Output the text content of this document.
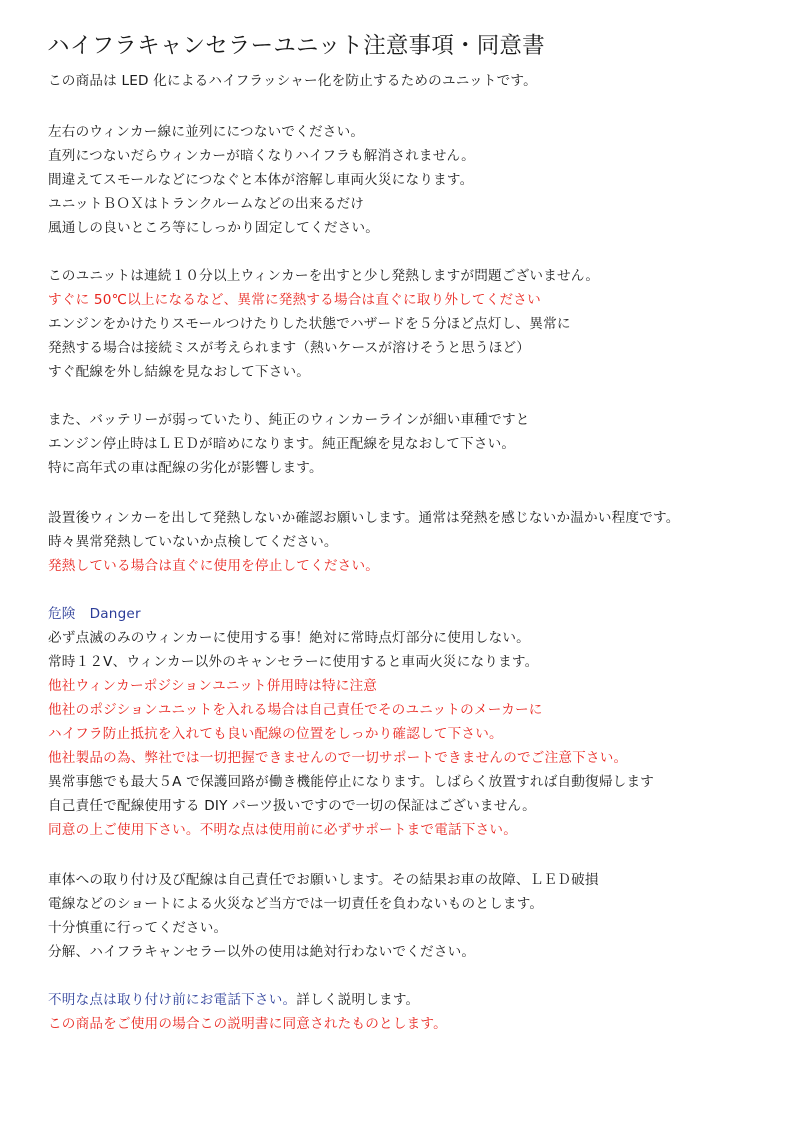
ハイフラキャンセラーユニット注意事項・同意書
この商品は LED 化によるハイフラッシャー化を防止するためのユニットです。
左右のウィンカー線に並列ににつないでください。
直列につないだらウィンカーが暗くなりハイフラも解消されません。
間違えてスモールなどにつなぐと本体が溶解し車両火災になります。
ユニットＢＯＸはトランクルームなどの出来るだけ
風通しの良いところ等にしっかり固定してください。
このユニットは連続１０分以上ウィンカーを出すと少し発熱しますが問題ございません。
すぐに 50℃以上になるなど、異常に発熱する場合は直ぐに取り外してください
エンジンをかけたりスモールつけたりした状態でハザードを５分ほど点灯し、異常に
発熱する場合は接続ミスが考えられます（熱いケースが溶けそうと思うほど）
すぐ配線を外し結線を見なおして下さい。
また、バッテリーが弱っていたり、純正のウィンカーラインが細い車種ですと
エンジン停止時はＬＥＤが暗めになります。純正配線を見なおして下さい。
特に高年式の車は配線の劣化が影響します。
設置後ウィンカーを出して発熱しないか確認お願いします。通常は発熱を感じないか温かい程度です。
時々異常発熱していないか点検してください。
発熱している場合は直ぐに使用を停止してください。
危険 Danger
必ず点滅のみのウィンカーに使用する事！絶対に常時点灯部分に使用しない。
常時１２V、ウィンカー以外のキャンセラーに使用すると車両火災になります。
他社ウィンカーポジションユニット併用時は特に注意
他社のポジションユニットを入れる場合は自己責任でそのユニットのメーカーに
ハイフラ防止抵抗を入れても良い配線の位置をしっかり確認して下さい。
他社製品の為、弊社では一切把握できませんので一切サポートできませんのでご注意下さい。
異常事態でも最大５A で保護回路が働き機能停止になります。しばらく放置すれば自動復帰します
自己責任で配線使用する DIY パーツ扱いですので一切の保証はございません。
同意の上ご使用下さい。不明な点は使用前に必ずサポートまで電話下さい。
車体への取り付け及び配線は自己責任でお願いします。その結果お車の故障、ＬＥＤ破損
電線などのショートによる火災など当方では一切責任を負わないものとします。
十分慎重に行ってください。
分解、ハイフラキャンセラー以外の使用は絶対行わないでください。
不明な点は取り付け前にお電話下さい。詳しく説明します。
この商品をご使用の場合この説明書に同意されたものとします。
